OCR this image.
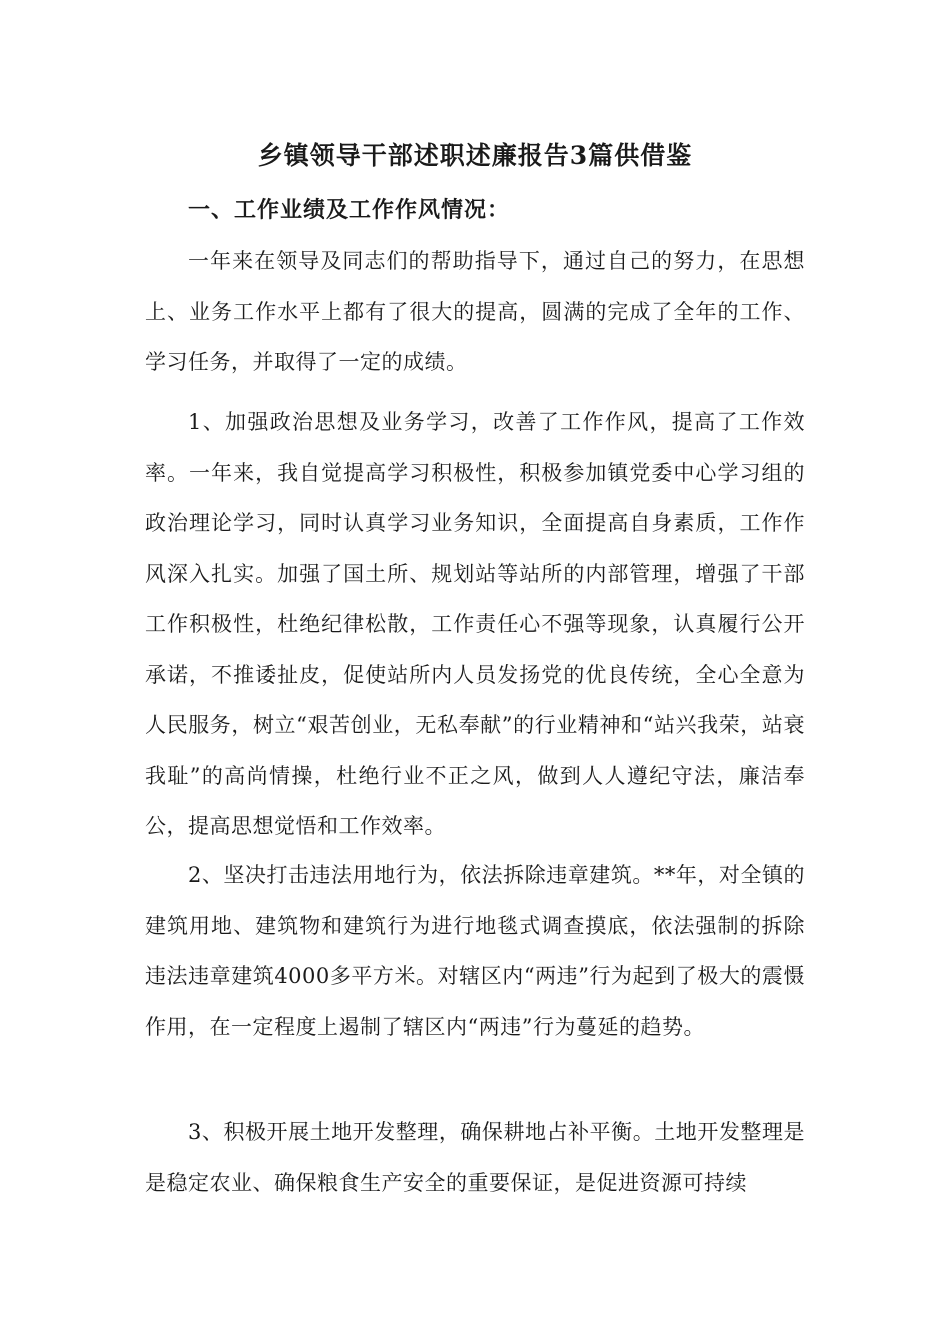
乡镇领导干部述职述廉报告3篇供借鉴
一、工作业绩及工作作风情况：

一年来在领导及同志们的帮助指导下，通过自己的努力，在思想上、业务工作水平上都有了很大的提高，圆满的完成了全年的工作、学习任务，并取得了一定的成绩。

1、加强政治思想及业务学习，改善了工作作风，提高了工作效率。一年来，我自觉提高学习积极性，积极参加镇党委中心学习组的政治理论学习，同时认真学习业务知识，全面提高自身素质，工作作风深入扎实。加强了国土所、规划站等站所的内部管理，增强了干部工作积极性，杜绝纪律松散，工作责任心不强等现象，认真履行公开承诺，不推诿扯皮，促使站所内人员发扬党的优良传统，全心全意为人民服务，树立“艰苦创业，无私奉献”的行业精神和“站兴我荣，站衰我耻”的高尚情操，杜绝行业不正之风，做到人人遵纪守法，廉洁奉公，提高思想觉悟和工作效率。

2、坚决打击违法用地行为，依法拆除违章建筑。**年，对全镇的建筑用地、建筑物和建筑行为进行地毯式调查摸底，依法强制的拆除违法违章建筑4000多平方米。对辖区内“两违”行为起到了极大的震慑作用，在一定程度上遏制了辖区内“两违”行为蔓延的趋势。

3、积极开展土地开发整理，确保耕地占补平衡。土地开发整理是是稳定农业、确保粮食生产安全的重要保证，是促进资源可持续
